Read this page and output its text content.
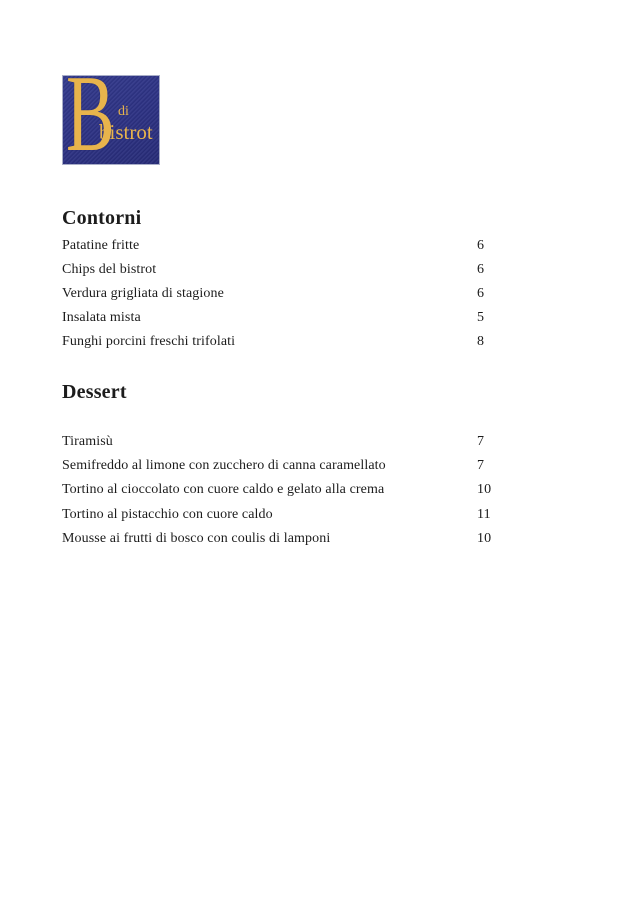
B di
bistrot
Contorni
Patatine fritte	6
Chips del bistrot	6
Verdura grigliata di stagione	6
Insalata mista	5
Funghi porcini freschi trifolati	8
Dessert
Tiramisù	7
Semifreddo al limone con zucchero di canna caramellato	7
Tortino al cioccolato con cuore caldo e gelato alla crema	10
Tortino al pistacchio con cuore caldo	11
Mousse ai frutti di bosco con coulis di lamponi	10
